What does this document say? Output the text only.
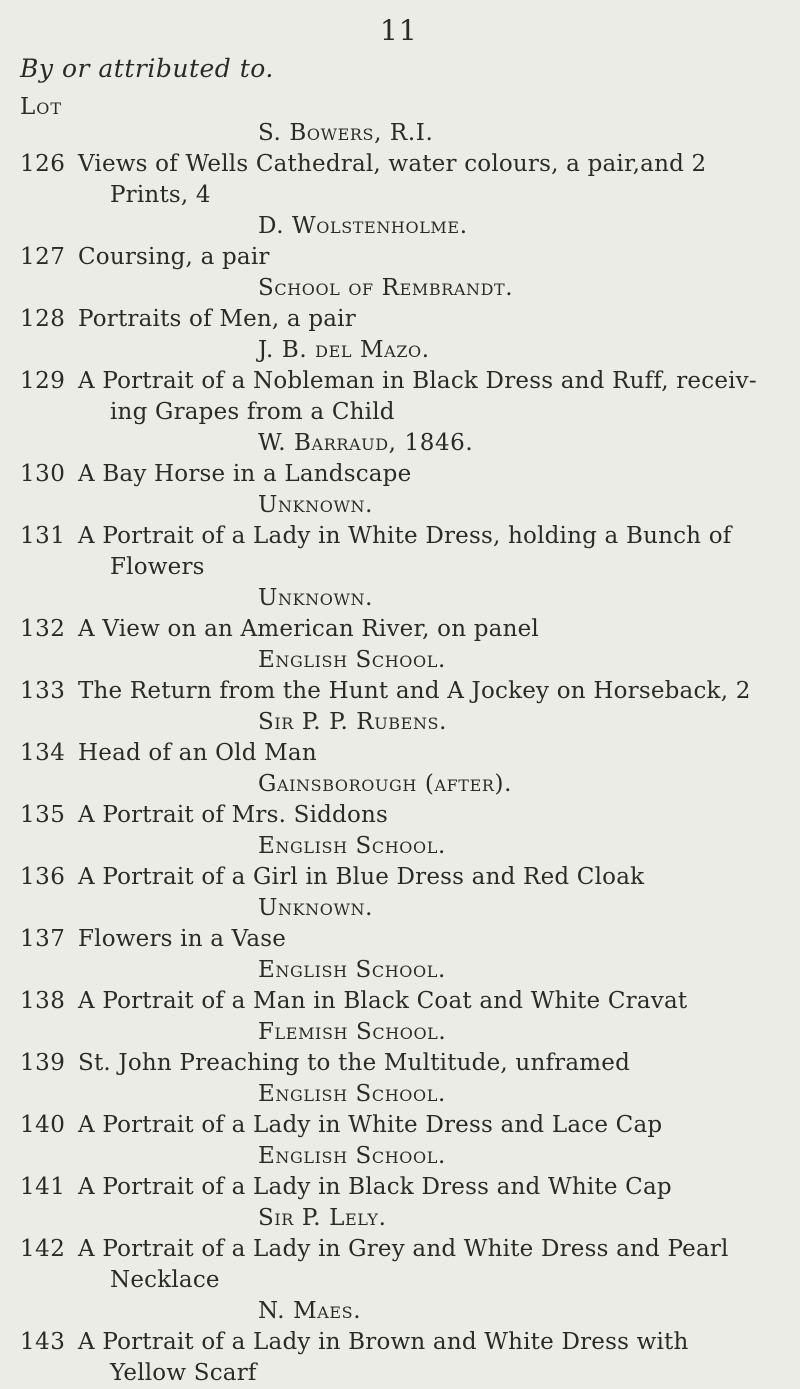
11
By or attributed to.
Lot
S. Bowers, R.I.
126 Views of Wells Cathedral, water colours, a pair,and 2
Prints, 4
D. Wolstenholme.
127 Coursing, a pair
School of Rembrandt.
128 Portraits of Men, a pair
J. B. del Mazo.
129 A Portrait of a Nobleman in Black Dress and Ruff, receiv-
ing Grapes from a Child
W. Barraud, 1846.
130 A Bay Horse in a Landscape
Unknown.
131 A Portrait of a Lady in White Dress, holding a Bunch of
Flowers
Unknown.
132 A View on an American River, on panel
English School.
133 The Return from the Hunt and A Jockey on Horseback, 2
Sir P. P. Rubens.
134 Head of an Old Man
Gainsborough (after).
135 A Portrait of Mrs. Siddons
English School.
136 A Portrait of a Girl in Blue Dress and Red Cloak
Unknown.
137 Flowers in a Vase
English School.
138 A Portrait of a Man in Black Coat and White Cravat
Flemish School.
139 St. John Preaching to the Multitude, unframed
English School.
140 A Portrait of a Lady in White Dress and Lace Cap
English School.
141 A Portrait of a Lady in Black Dress and White Cap
Sir P. Lely.
142 A Portrait of a Lady in Grey and White Dress and Pearl
Necklace
N. Maes.
143 A Portrait of a Lady in Brown and White Dress with
Yellow Scarf
